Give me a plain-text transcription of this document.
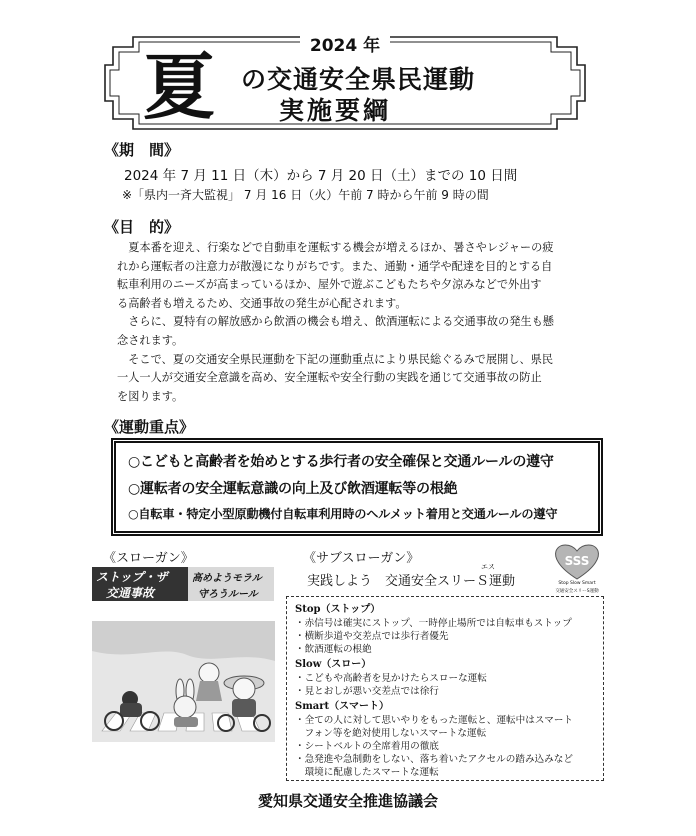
2024 年
夏 の交通安全県民運動
実施要綱
《期　間》
2024 年 7 月 11 日（木）から 7 月 20 日（土）までの 10 日間
※「県内一斉大監視」 7 月 16 日（火）午前 7 時から午前 9 時の間
《目　的》
夏本番を迎え、行楽などで自動車を運転する機会が増えるほか、暑さやレジャーの疲
れから運転者の注意力が散漫になりがちです。また、通勤・通学や配達を目的とする自
転車利用のニーズが高まっているほか、屋外で遊ぶこどもたちや夕涼みなどで外出す
る高齢者も増えるため、交通事故の発生が心配されます。
さらに、夏特有の解放感から飲酒の機会も増え、飲酒運転による交通事故の発生も懸
念されます。
そこで、夏の交通安全県民運動を下記の運動重点により県民総ぐるみで展開し、県民
一人一人が交通安全意識を高め、安全運転や安全行動の実践を通じて交通事故の防止
を図ります。
《運動重点》
○こどもと高齢者を始めとする歩行者の安全確保と交通ルールの遵守
○運転者の安全運転意識の向上及び飲酒運転等の根絶
○自転車・特定小型原動機付自転車利用時のヘルメット着用と交通ルールの遵守
《スローガン》
ストップ・ザ
交通事故
高めようモラル
守ろうルール
《サブスローガン》
エス
実践しよう　交通安全スリーＳ運動
SSS
Stop Slow Smart
交通安全スリーS運動
Stop（ストップ）
・赤信号は確実にストップ、一時停止場所では自転車もストップ
・横断歩道や交差点では歩行者優先
・飲酒運転の根絶
Slow（スロー）
・こどもや高齢者を見かけたらスローな運転
・見とおしが悪い交差点では徐行
Smart（スマート）
・全ての人に対して思いやりをもった運転と、運転中はスマート
　フォン等を絶対使用しないスマートな運転
・シートベルトの全席着用の徹底
・急発進や急制動をしない、落ち着いたアクセルの踏み込みなど
　環境に配慮したスマートな運転
愛知県交通安全推進協議会
